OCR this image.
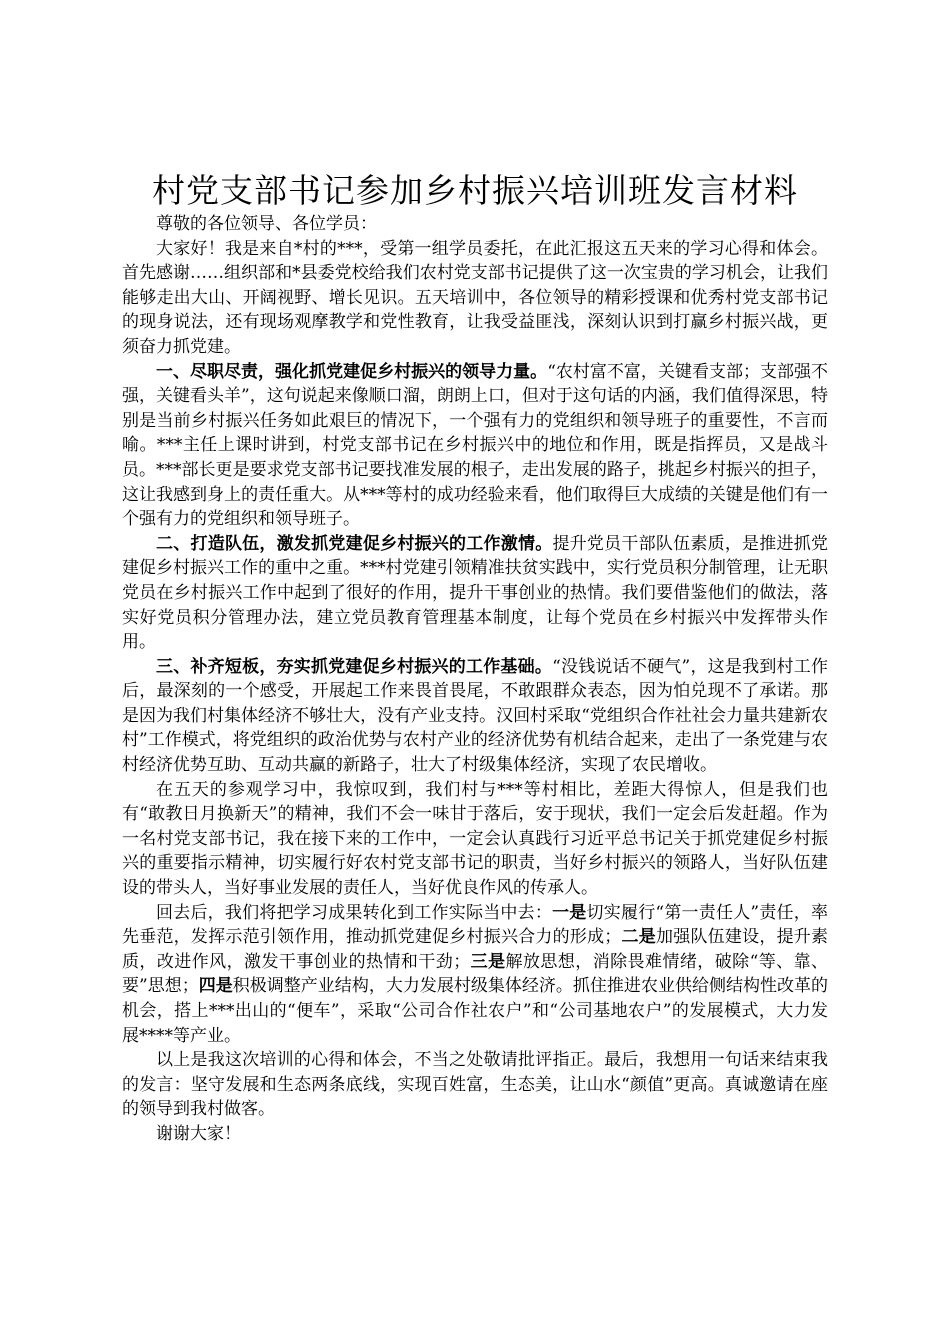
村党支部书记参加乡村振兴培训班发言材料

尊敬的各位领导、各位学员：

大家好！我是来自*村的***，受第一组学员委托，在此汇报这五天来的学习心得和体会。首先感谢……组织部和*县委党校给我们农村党支部书记提供了这一次宝贵的学习机会，让我们能够走出大山、开阔视野、增长见识。五天培训中，各位领导的精彩授课和优秀村党支部书记的现身说法，还有现场观摩教学和党性教育，让我受益匪浅，深刻认识到打赢乡村振兴战，更须奋力抓党建。

一、尽职尽责，强化抓党建促乡村振兴的领导力量。“农村富不富，关键看支部；支部强不强，关键看头羊”，这句说起来像顺口溜，朗朗上口，但对于这句话的内涵，我们值得深思，特别是当前乡村振兴任务如此艰巨的情况下，一个强有力的党组织和领导班子的重要性，不言而喻。***主任上课时讲到，村党支部书记在乡村振兴中的地位和作用，既是指挥员，又是战斗员。***部长更是要求党支部书记要找准发展的根子，走出发展的路子，挑起乡村振兴的担子，这让我感到身上的责任重大。从***等村的成功经验来看，他们取得巨大成绩的关键是他们有一个强有力的党组织和领导班子。

二、打造队伍，激发抓党建促乡村振兴的工作激情。提升党员干部队伍素质，是推进抓党建促乡村振兴工作的重中之重。***村党建引领精准扶贫实践中，实行党员积分制管理，让无职党员在乡村振兴工作中起到了很好的作用，提升干事创业的热情。我们要借鉴他们的做法，落实好党员积分管理办法，建立党员教育管理基本制度，让每个党员在乡村振兴中发挥带头作用。

三、补齐短板，夯实抓党建促乡村振兴的工作基础。“没钱说话不硬气”，这是我到村工作后，最深刻的一个感受，开展起工作来畏首畏尾，不敢跟群众表态，因为怕兑现不了承诺。那是因为我们村集体经济不够壮大，没有产业支持。汉回村采取“党组织合作社社会力量共建新农村”工作模式，将党组织的政治优势与农村产业的经济优势有机结合起来，走出了一条党建与农村经济优势互助、互动共赢的新路子，壮大了村级集体经济，实现了农民增收。

在五天的参观学习中，我惊叹到，我们村与***等村相比，差距大得惊人，但是我们也有“敢教日月换新天”的精神，我们不会一味甘于落后，安于现状，我们一定会后发赶超。作为一名村党支部书记，我在接下来的工作中，一定会认真践行习近平总书记关于抓党建促乡村振兴的重要指示精神，切实履行好农村党支部书记的职责，当好乡村振兴的领路人，当好队伍建设的带头人，当好事业发展的责任人，当好优良作风的传承人。

回去后，我们将把学习成果转化到工作实际当中去：一是切实履行“第一责任人”责任，率先垂范，发挥示范引领作用，推动抓党建促乡村振兴合力的形成；二是加强队伍建设，提升素质，改进作风，激发干事创业的热情和干劲；三是解放思想，消除畏难情绪，破除“等、靠、要”思想；四是积极调整产业结构，大力发展村级集体经济。抓住推进农业供给侧结构性改革的机会，搭上***出山的“便车”，采取“公司合作社农户”和“公司基地农户”的发展模式，大力发展****等产业。

以上是我这次培训的心得和体会，不当之处敬请批评指正。最后，我想用一句话来结束我的发言：坚守发展和生态两条底线，实现百姓富，生态美，让山水“颜值”更高。真诚邀请在座的领导到我村做客。

谢谢大家！
